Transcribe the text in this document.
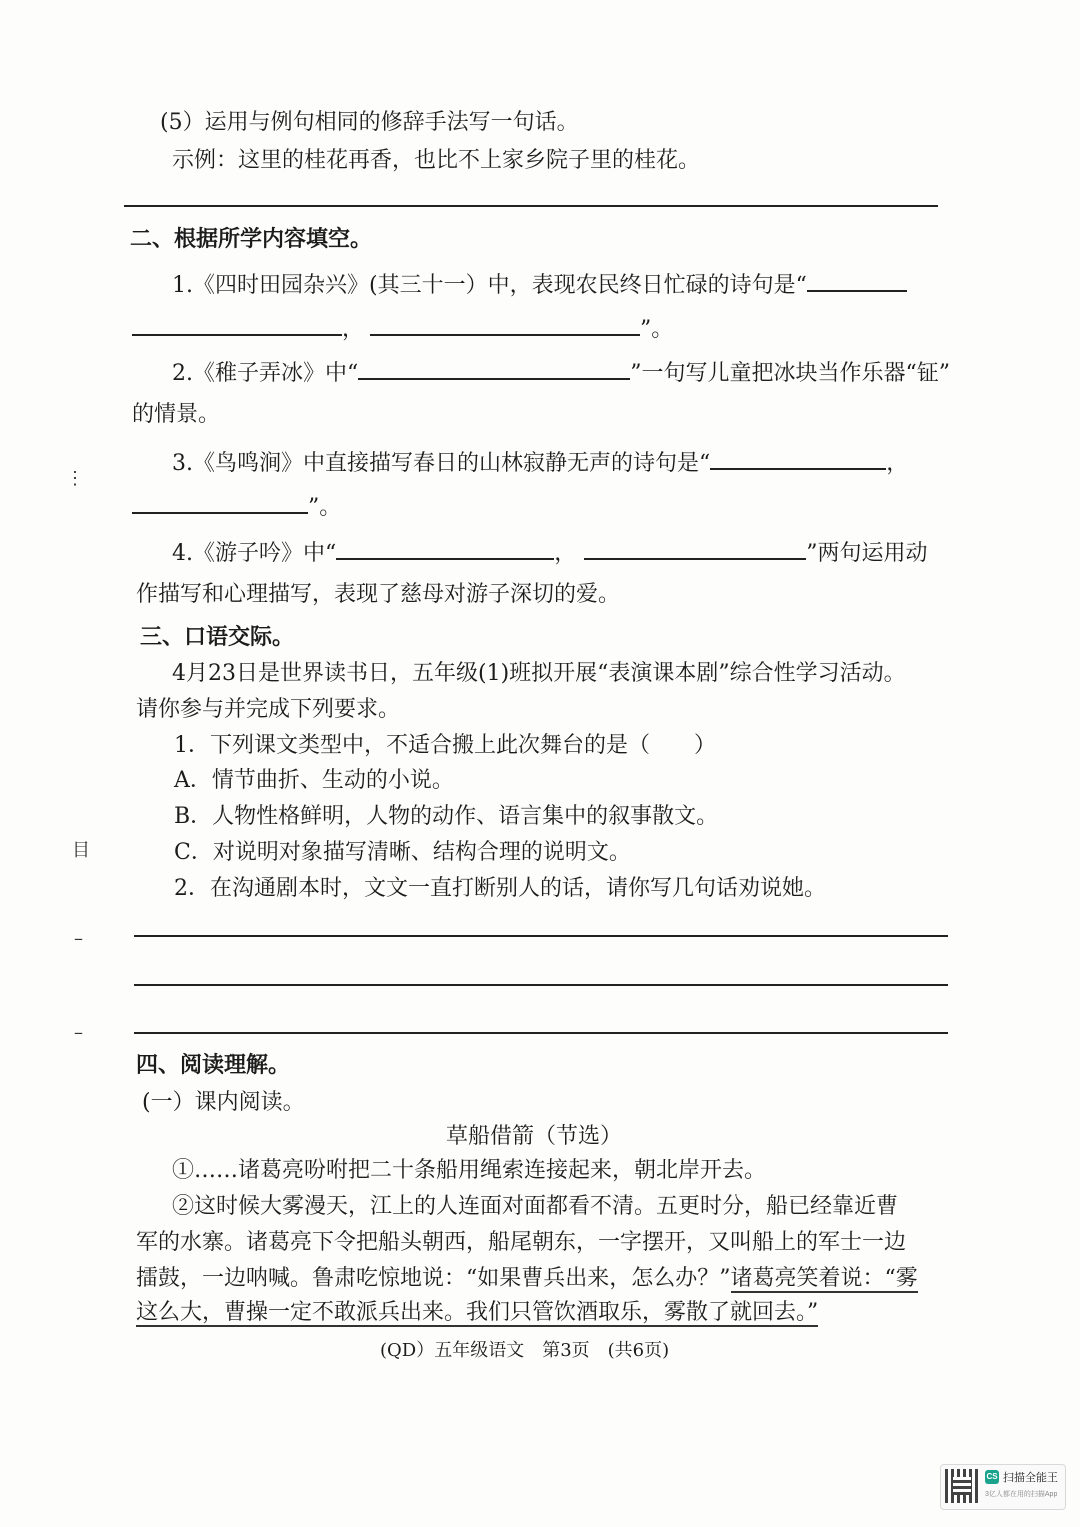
(5）运用与例句相同的修辞手法写一句话。
示例：这里的桂花再香，也比不上家乡院子里的桂花。
二、根据所学内容填空。
1.《四时田园杂兴》(其三十一）中，表现农民终日忙碌的诗句是“
，	”。
2.《稚子弄冰》中“	”一句写儿童把冰块当作乐器“钲”
的情景。
3.《鸟鸣涧》中直接描写春日的山林寂静无声的诗句是“	，
”。
4.《游子吟》中“	，	”两句运用动
作描写和心理描写，表现了慈母对游子深切的爱。
三、口语交际。
4月23日是世界读书日，五年级(1)班拟开展“表演课本剧”综合性学习活动。
请你参与并完成下列要求。
1．下列课文类型中，不适合搬上此次舞台的是（　　）
A．情节曲折、生动的小说。
B．人物性格鲜明，人物的动作、语言集中的叙事散文。
C．对说明对象描写清晰、结构合理的说明文。
2．在沟通剧本时，文文一直打断别人的话，请你写几句话劝说她。
四、阅读理解。
(一）课内阅读。
草船借箭（节选）
①……诸葛亮吩咐把二十条船用绳索连接起来，朝北岸开去。
②这时候大雾漫天，江上的人连面对面都看不清。五更时分，船已经靠近曹
军的水寨。诸葛亮下令把船头朝西，船尾朝东，一字摆开，又叫船上的军士一边
擂鼓，一边呐喊。鲁肃吃惊地说：“如果曹兵出来，怎么办？”诸葛亮笑着说：“雾
这么大，曹操一定不敢派兵出来。我们只管饮酒取乐，雾散了就回去。”
(QD）五年级语文　第3页　(共6页)
⋮
目
–
–
CS 扫描全能王
3亿人都在用的扫描App
